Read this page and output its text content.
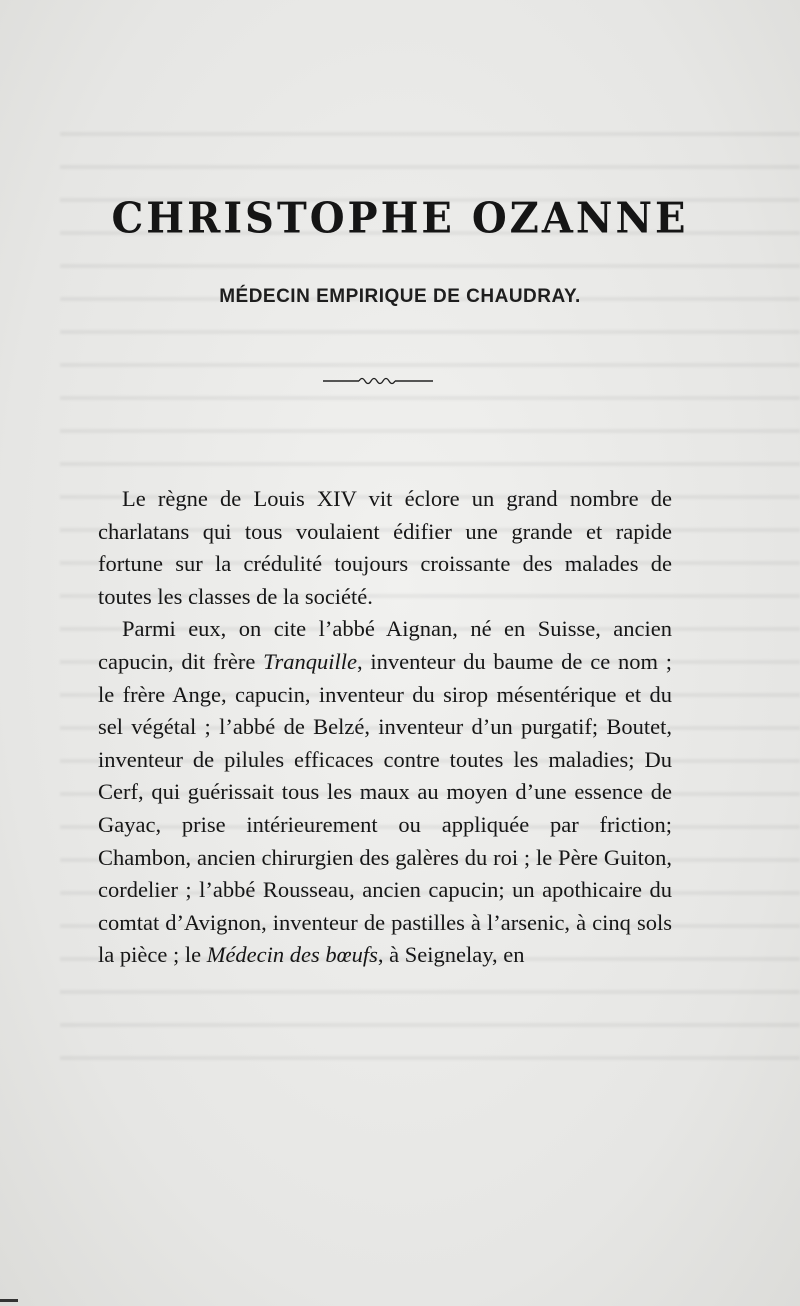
CHRISTOPHE OZANNE
MÉDECIN EMPIRIQUE DE CHAUDRAY.

Le règne de Louis XIV vit éclore un grand nombre de charlatans qui tous voulaient édifier une grande et rapide fortune sur la crédulité toujours croissante des malades de toutes les classes de la société.

Parmi eux, on cite l’abbé Aignan, né en Suisse, ancien capucin, dit frère Tranquille, inventeur du baume de ce nom ; le frère Ange, capucin, inventeur du sirop mésentérique et du sel végétal ; l’abbé de Belzé, inventeur d’un purgatif; Boutet, inventeur de pilules efficaces contre toutes les maladies; Du Cerf, qui guérissait tous les maux au moyen d’une essence de Gayac, prise intérieurement ou appliquée par friction; Chambon, ancien chirurgien des galères du roi ; le Père Guiton, cordelier ; l’abbé Rousseau, ancien capucin; un apothicaire du comtat d’Avignon, inventeur de pastilles à l’arsenic, à cinq sols la pièce ; le Médecin des bœufs, à Seignelay, en
